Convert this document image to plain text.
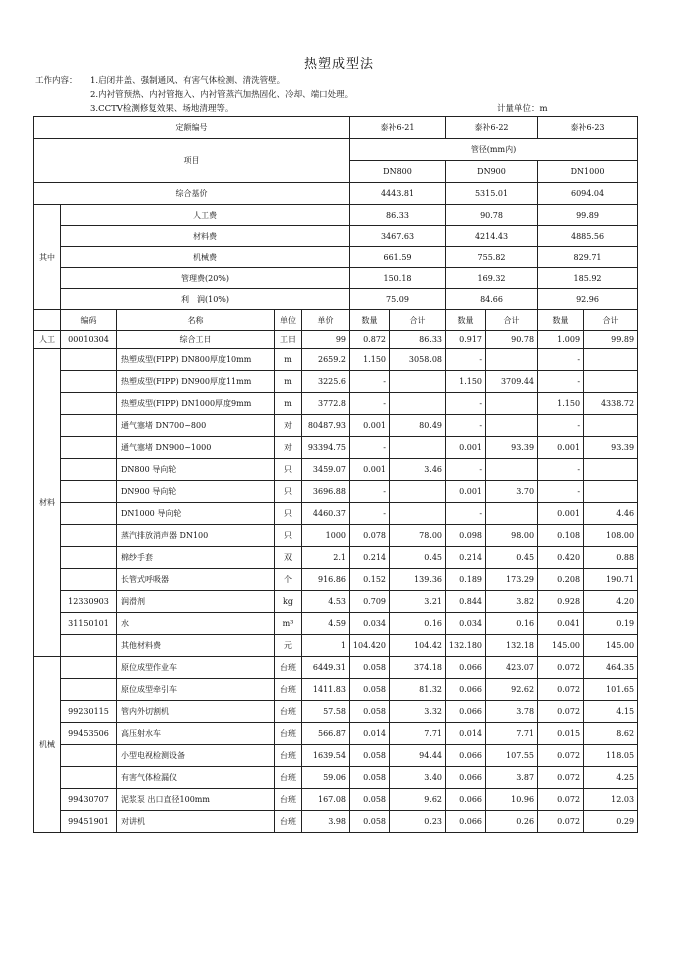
热塑成型法
工作内容：	1.启闭井盖、强制通风、有害气体检测、清洗管壁。
2.内衬管预热、内衬管拖入、内衬管蒸汽加热固化、冷却、端口处理。
3.CCTV检测修复效果、场地清理等。	计量单位：m
定额编号					泰补6-21		泰补6-22		泰补6-23	
项目					管径(mm内)					
					DN800		DN900		DN1000	
综合基价					4443.81		5315.01		6094.04	
其中	人工费				86.33		90.78		99.89	
	材料费				3467.63		4214.43		4885.56	
	机械费				661.59		755.82		829.71	
	管理费(20%)				150.18		169.32		185.92	
	利　润(10%)				75.09		84.66		92.96	
	编码	名称	单位	单价	数量	合计	数量	合计	数量	合计
人工	00010304	综合工日	工日	99	0.872	86.33	0.917	90.78	1.009	99.89
材料		热塑成型(FIPP) DN800厚度10mm	m	2659.2	1.150	3058.08	-		-	
		热塑成型(FIPP) DN900厚度11mm	m	3225.6	-		1.150	3709.44	-	
		热塑成型(FIPP) DN1000厚度9mm	m	3772.8	-		-		1.150	4338.72
		通气塞堵 DN700~800	对	80487.93	0.001	80.49	-		-	
		通气塞堵 DN900~1000	对	93394.75	-		0.001	93.39	0.001	93.39
		DN800 导向轮	只	3459.07	0.001	3.46	-		-	
		DN900 导向轮	只	3696.88	-		0.001	3.70	-	
		DN1000 导向轮	只	4460.37	-		-		0.001	4.46
		蒸汽排放消声器 DN100	只	1000	0.078	78.00	0.098	98.00	0.108	108.00
		棉纱手套	双	2.1	0.214	0.45	0.214	0.45	0.420	0.88
		长管式呼吸器	个	916.86	0.152	139.36	0.189	173.29	0.208	190.71
	12330903	润滑剂	kg	4.53	0.709	3.21	0.844	3.82	0.928	4.20
	31150101	水	m³	4.59	0.034	0.16	0.034	0.16	0.041	0.19
		其他材料费	元	1	104.420	104.42	132.180	132.18	145.00	145.00
机械		原位成型作业车	台班	6449.31	0.058	374.18	0.066	423.07	0.072	464.35
		原位成型牵引车	台班	1411.83	0.058	81.32	0.066	92.62	0.072	101.65
	99230115	管内外切割机	台班	57.58	0.058	3.32	0.066	3.78	0.072	4.15
	99453506	高压射水车	台班	566.87	0.014	7.71	0.014	7.71	0.015	8.62
		小型电视检测设备	台班	1639.54	0.058	94.44	0.066	107.55	0.072	118.05
		有害气体检漏仪	台班	59.06	0.058	3.40	0.066	3.87	0.072	4.25
	99430707	泥浆泵 出口直径100mm	台班	167.08	0.058	9.62	0.066	10.96	0.072	12.03
	99451901	对讲机	台班	3.98	0.058	0.23	0.066	0.26	0.072	0.29
